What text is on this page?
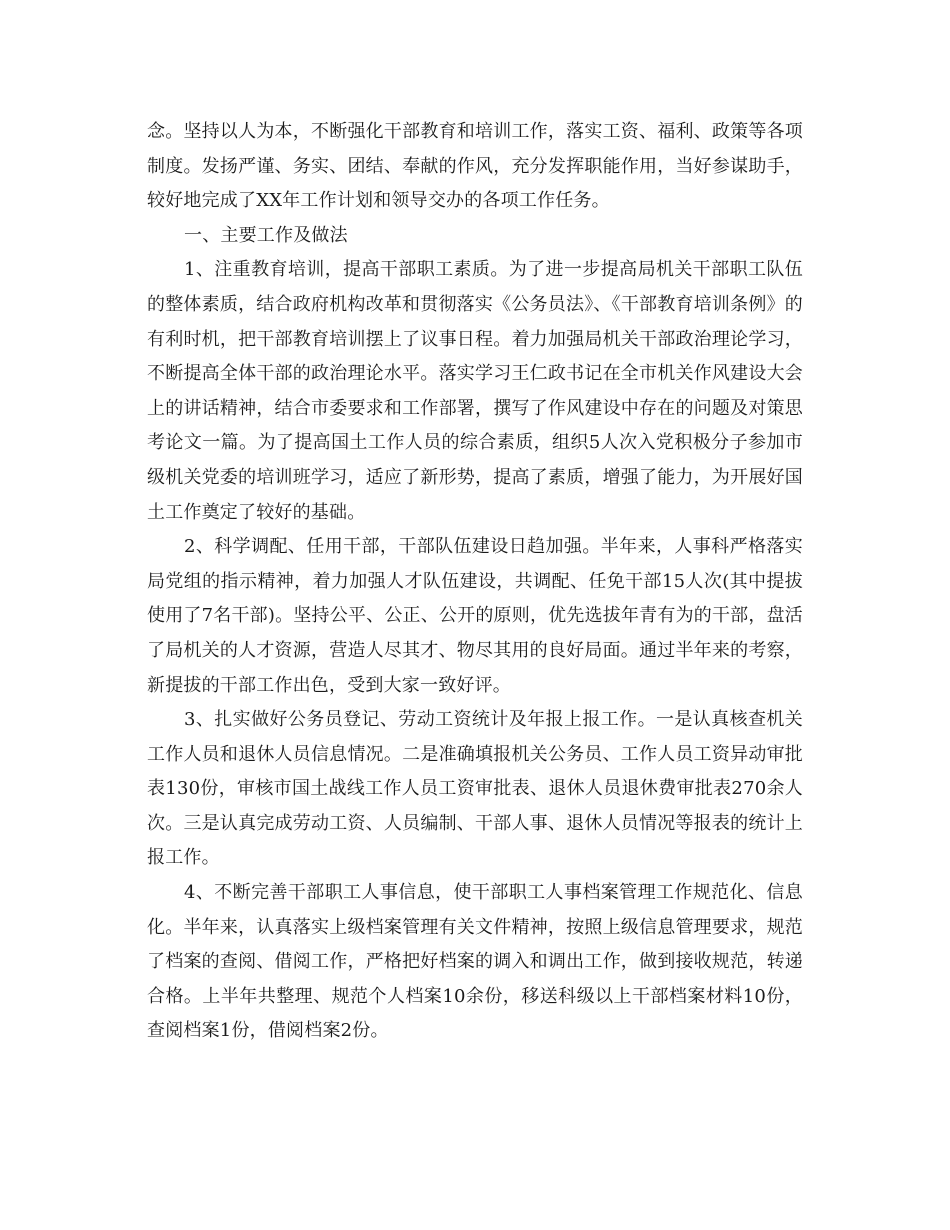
念。坚持以人为本，不断强化干部教育和培训工作，落实工资、福利、政策等各项制度。发扬严谨、务实、团结、奉献的作风，充分发挥职能作用，当好参谋助手，较好地完成了XX年工作计划和领导交办的各项工作任务。

一、主要工作及做法

1、注重教育培训，提高干部职工素质。为了进一步提高局机关干部职工队伍的整体素质，结合政府机构改革和贯彻落实《公务员法》、《干部教育培训条例》的有利时机，把干部教育培训摆上了议事日程。着力加强局机关干部政治理论学习，不断提高全体干部的政治理论水平。落实学习王仁政书记在全市机关作风建设大会上的讲话精神，结合市委要求和工作部署，撰写了作风建设中存在的问题及对策思考论文一篇。为了提高国土工作人员的综合素质，组织5人次入党积极分子参加市级机关党委的培训班学习，适应了新形势，提高了素质，增强了能力，为开展好国土工作奠定了较好的基础。

2、科学调配、任用干部，干部队伍建设日趋加强。半年来，人事科严格落实局党组的指示精神，着力加强人才队伍建设，共调配、任免干部15人次(其中提拔使用了7名干部)。坚持公平、公正、公开的原则，优先选拔年青有为的干部，盘活了局机关的人才资源，营造人尽其才、物尽其用的良好局面。通过半年来的考察，新提拔的干部工作出色，受到大家一致好评。

3、扎实做好公务员登记、劳动工资统计及年报上报工作。一是认真核查机关工作人员和退休人员信息情况。二是准确填报机关公务员、工作人员工资异动审批表130份，审核市国土战线工作人员工资审批表、退休人员退休费审批表270余人次。三是认真完成劳动工资、人员编制、干部人事、退休人员情况等报表的统计上报工作。

4、不断完善干部职工人事信息，使干部职工人事档案管理工作规范化、信息化。半年来，认真落实上级档案管理有关文件精神，按照上级信息管理要求，规范了档案的查阅、借阅工作，严格把好档案的调入和调出工作，做到接收规范，转递合格。上半年共整理、规范个人档案10余份，移送科级以上干部档案材料10份，查阅档案1份，借阅档案2份。
